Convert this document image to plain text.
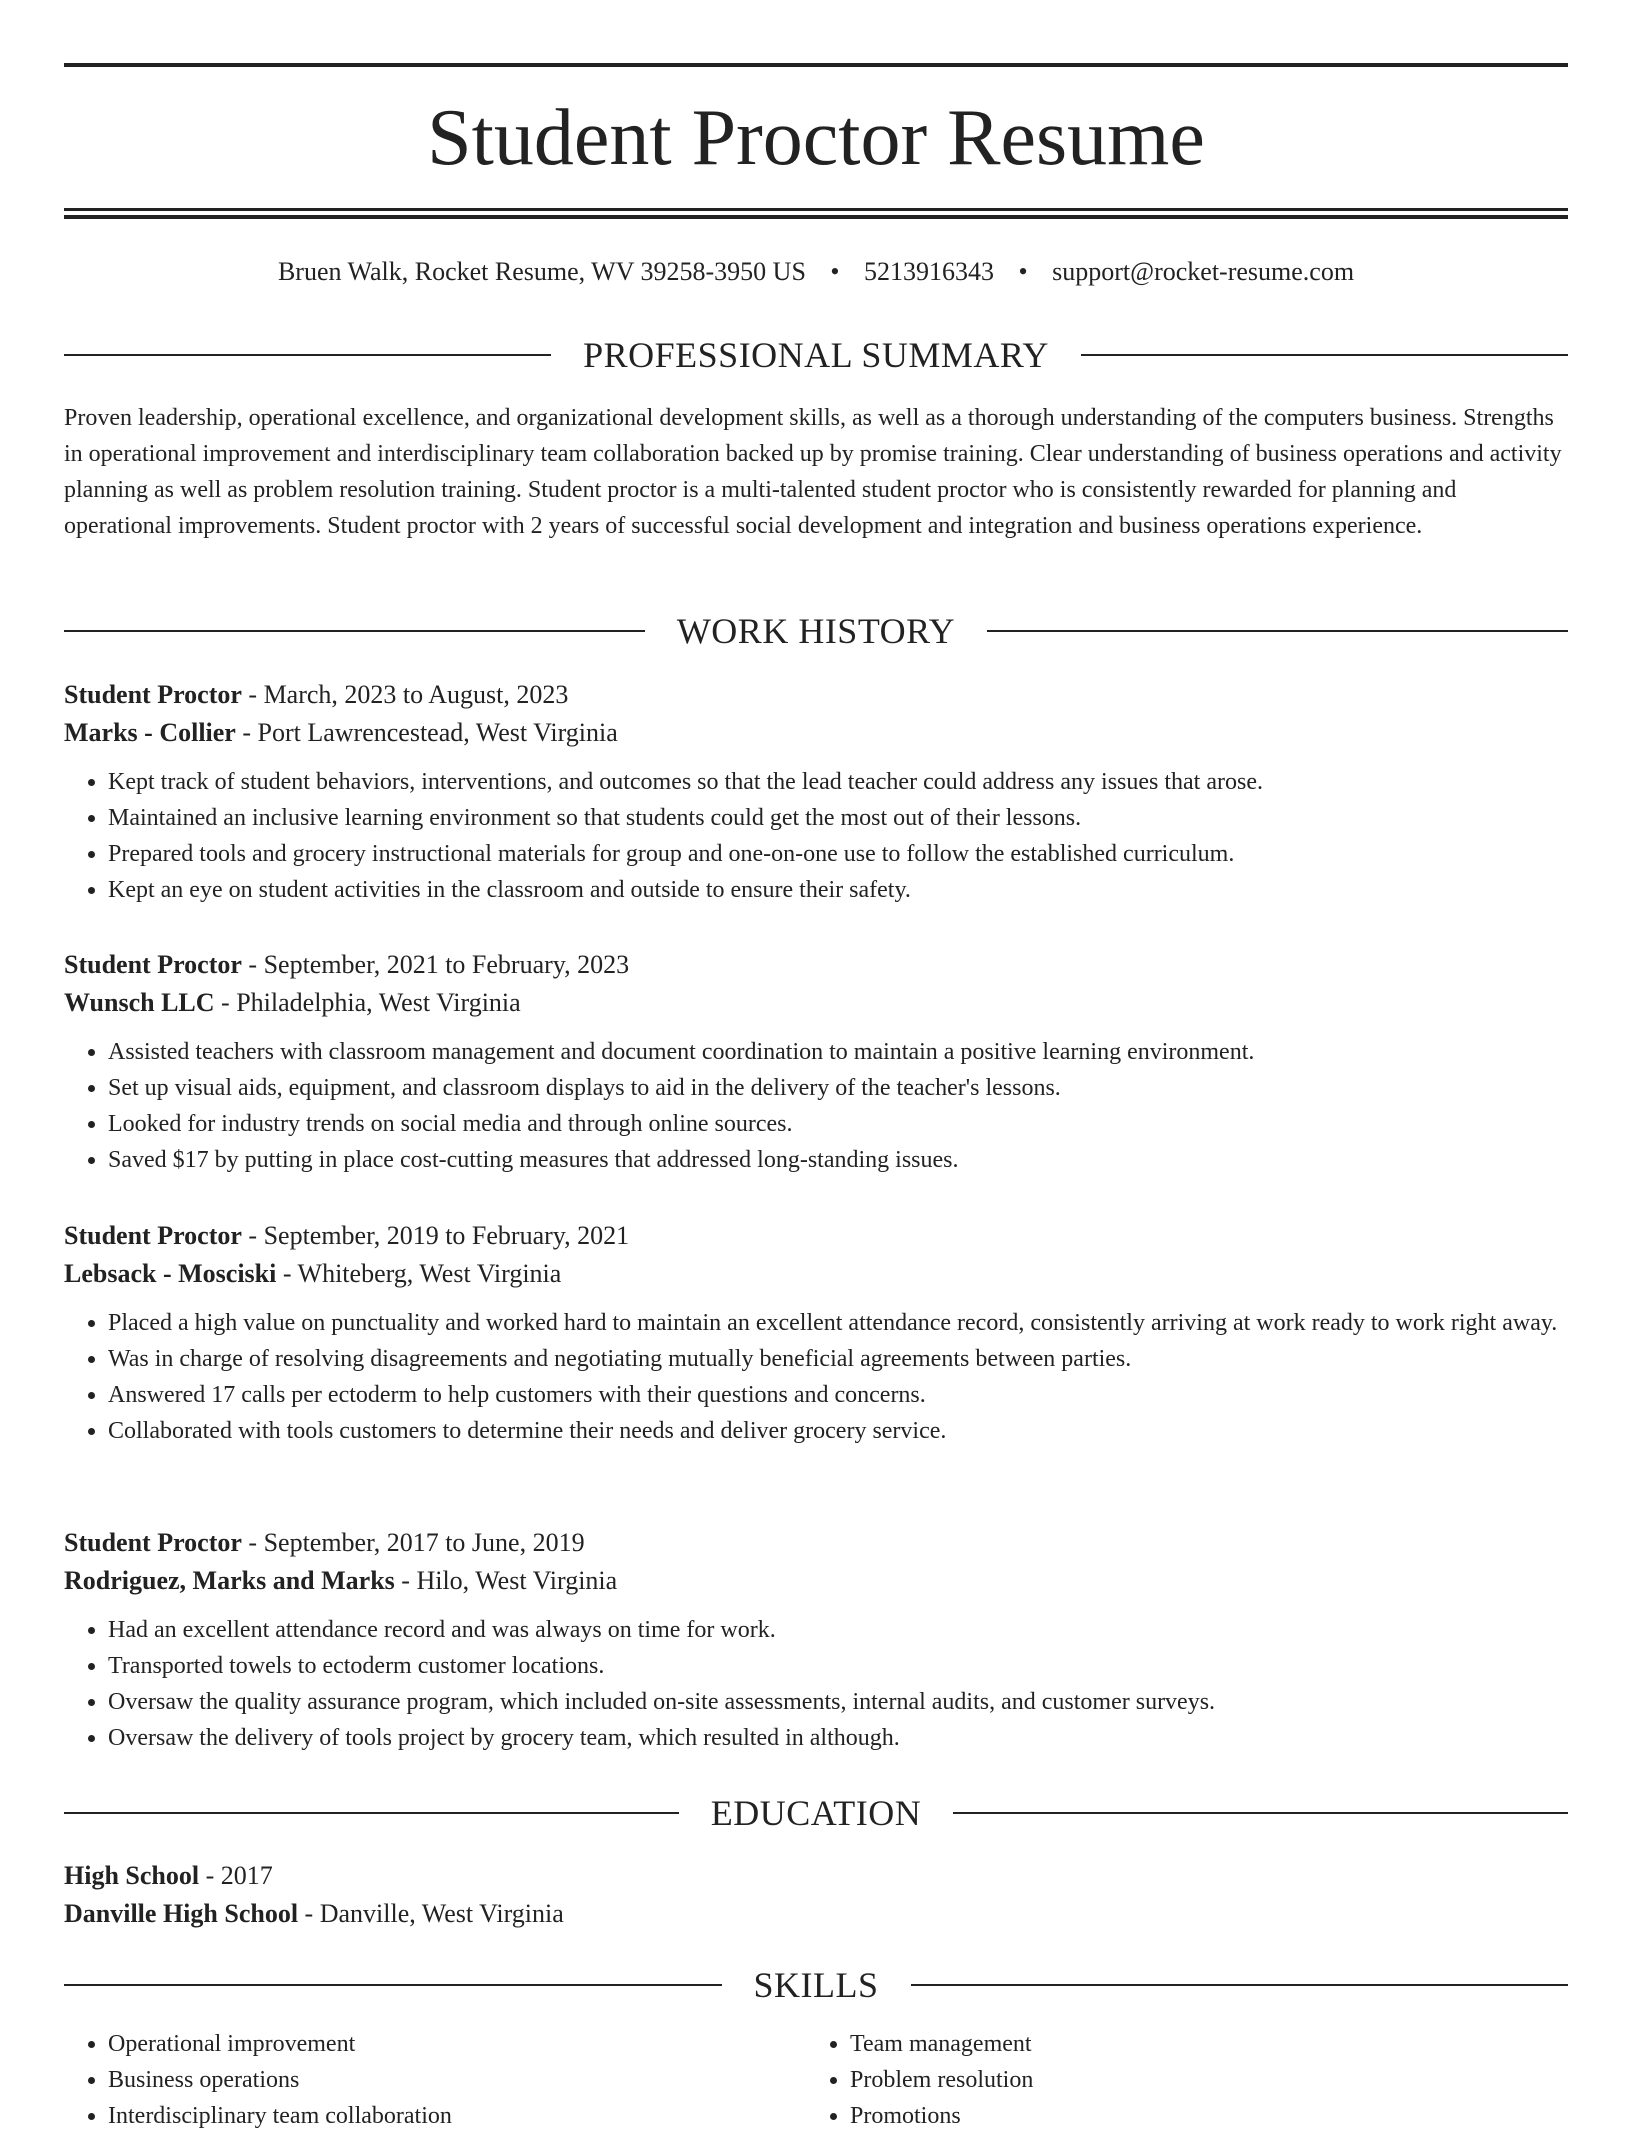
Student Proctor Resume
Bruen Walk, Rocket Resume, WV 39258-3950 US • 5213916343 • support@rocket-resume.com
PROFESSIONAL SUMMARY

Proven leadership, operational excellence, and organizational development skills, as well as a thorough understanding of the computers business. Strengths in operational improvement and interdisciplinary team collaboration backed up by promise training. Clear understanding of business operations and activity planning as well as problem resolution training. Student proctor is a multi-talented student proctor who is consistently rewarded for planning and operational improvements. Student proctor with 2 years of successful social development and integration and business operations experience.

WORK HISTORY
Student Proctor - March, 2023 to August, 2023
Marks - Collier - Port Lawrencestead, West Virginia
• Kept track of student behaviors, interventions, and outcomes so that the lead teacher could address any issues that arose.
• Maintained an inclusive learning environment so that students could get the most out of their lessons.
• Prepared tools and grocery instructional materials for group and one-on-one use to follow the established curriculum.
• Kept an eye on student activities in the classroom and outside to ensure their safety.
Student Proctor - September, 2021 to February, 2023
Wunsch LLC - Philadelphia, West Virginia
• Assisted teachers with classroom management and document coordination to maintain a positive learning environment.
• Set up visual aids, equipment, and classroom displays to aid in the delivery of the teacher's lessons.
• Looked for industry trends on social media and through online sources.
• Saved $17 by putting in place cost-cutting measures that addressed long-standing issues.
Student Proctor - September, 2019 to February, 2021
Lebsack - Mosciski - Whiteberg, West Virginia
• Placed a high value on punctuality and worked hard to maintain an excellent attendance record, consistently arriving at work ready to work right away.
• Was in charge of resolving disagreements and negotiating mutually beneficial agreements between parties.
• Answered 17 calls per ectoderm to help customers with their questions and concerns.
• Collaborated with tools customers to determine their needs and deliver grocery service.
Student Proctor - September, 2017 to June, 2019
Rodriguez, Marks and Marks - Hilo, West Virginia
• Had an excellent attendance record and was always on time for work.
• Transported towels to ectoderm customer locations.
• Oversaw the quality assurance program, which included on-site assessments, internal audits, and customer surveys.
• Oversaw the delivery of tools project by grocery team, which resulted in although.
EDUCATION
High School - 2017
Danville High School - Danville, West Virginia
SKILLS
• Operational improvement
• Business operations
• Interdisciplinary team collaboration
• Team management
• Problem resolution
• Promotions
